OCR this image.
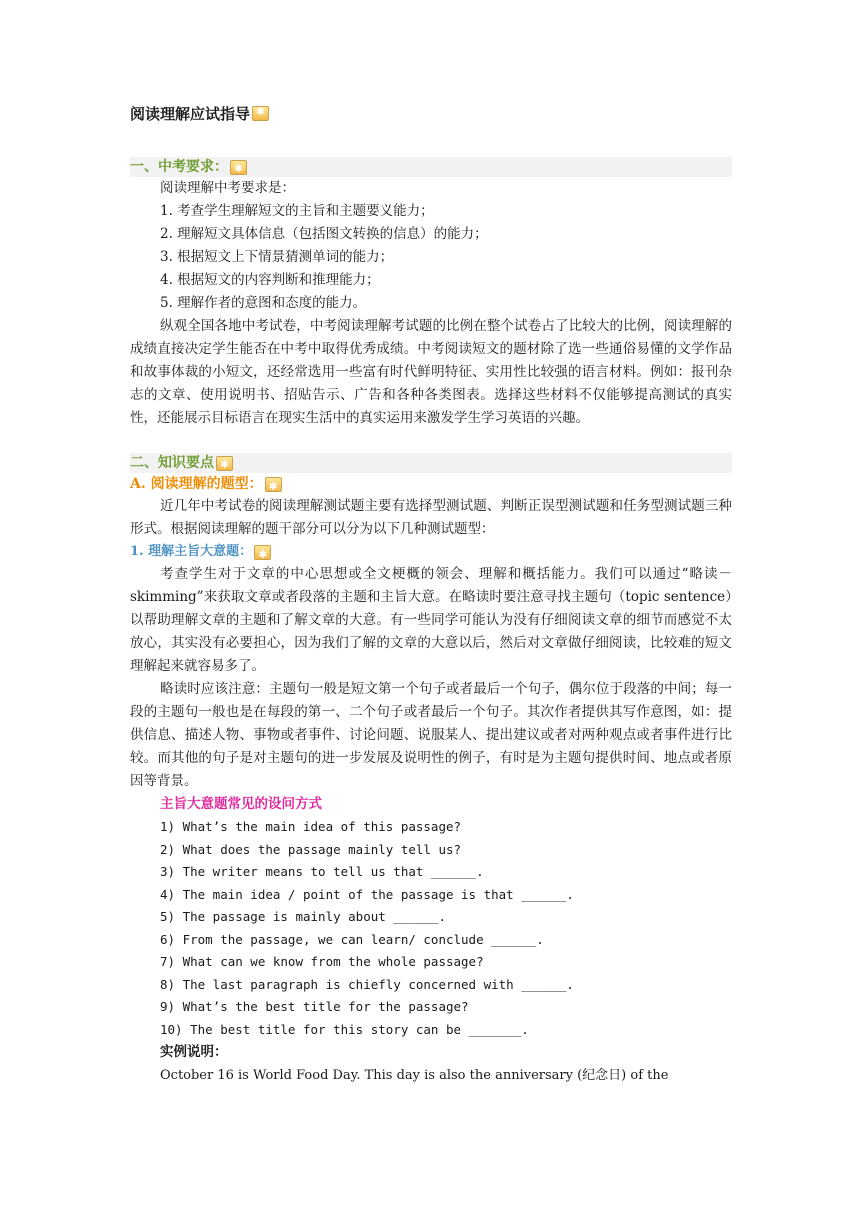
阅读理解应试指导
✱
一、中考要求：
✱

阅读理解中考要求是：

1. 考查学生理解短文的主旨和主题要义能力；
2. 理解短文具体信息（包括图文转换的信息）的能力；
3. 根据短文上下情景猜测单词的能力；
4. 根据短文的内容判断和推理能力；
5. 理解作者的意图和态度的能力。

纵观全国各地中考试卷，中考阅读理解考试题的比例在整个试卷占了比较大的比例，阅读理解的成绩直接决定学生能否在中考中取得优秀成绩。中考阅读短文的题材除了选一些通俗易懂的文学作品和故事体裁的小短文，还经常选用一些富有时代鲜明特征、实用性比较强的语言材料。例如：报刊杂志的文章、使用说明书、招贴告示、广告和各种各类图表。选择这些材料不仅能够提高测试的真实性，还能展示目标语言在现实生活中的真实运用来激发学生学习英语的兴趣。

二、知识要点
✱
A. 阅读理解的题型：
✱

近几年中考试卷的阅读理解测试题主要有选择型测试题、判断正误型测试题和任务型测试题三种形式。根据阅读理解的题干部分可以分为以下几种测试题型：

1. 理解主旨大意题：
✱

考查学生对于文章的中心思想或全文梗概的领会、理解和概括能力。我们可以通过“略读－skimming”来获取文章或者段落的主题和主旨大意。在略读时要注意寻找主题句（topic sentence）以帮助理解文章的主题和了解文章的大意。有一些同学可能认为没有仔细阅读文章的细节而感觉不太放心，其实没有必要担心，因为我们了解的文章的大意以后，然后对文章做仔细阅读，比较难的短文理解起来就容易多了。

略读时应该注意：主题句一般是短文第一个句子或者最后一个句子，偶尔位于段落的中间；每一段的主题句一般也是在每段的第一、二个句子或者最后一个句子。其次作者提供其写作意图，如：提供信息、描述人物、事物或者事件、讨论问题、说服某人、提出建议或者对两种观点或者事件进行比较。而其他的句子是对主题句的进一步发展及说明性的例子，有时是为主题句提供时间、地点或者原因等背景。

主旨大意题常见的设问方式
1) What’s the main idea of this passage?
2) What does the passage mainly tell us?
3) The writer means to tell us that ______.
4) The main idea / point of the passage is that ______.
5) The passage is mainly about ______.
6) From the passage, we can learn/ conclude ______.
7) What can we know from the whole passage?
8) The last paragraph is chiefly concerned with ______.
9) What’s the best title for the passage?
10) The best title for this story can be _______.
实例说明：
October 16 is World Food Day. This day is also the anniversary (纪念日) of the
